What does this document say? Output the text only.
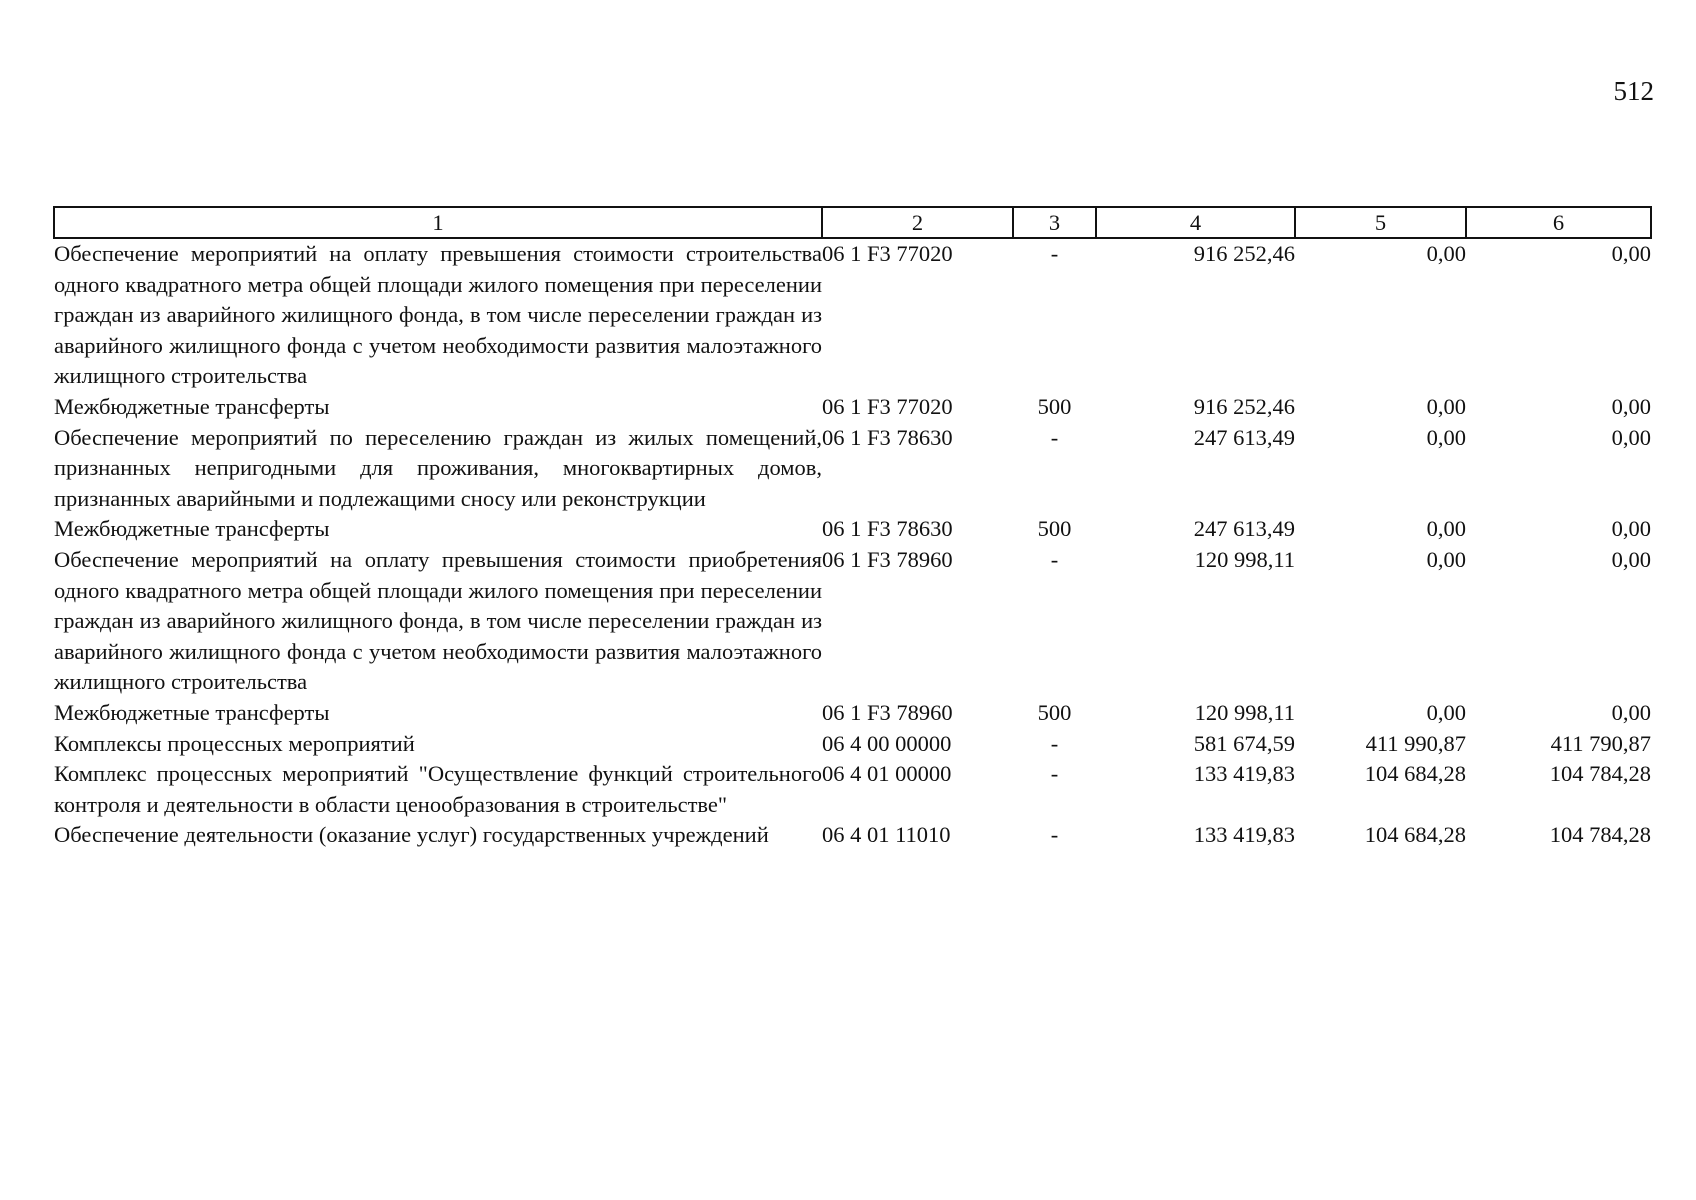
512
1	2	3	4	5	6
Обеспечение мероприятий на оплату превышения стоимости строительства одного квадратного метра общей площади жилого помещения при переселении граждан из аварийного жилищного фонда, в том числе переселении граждан из аварийного жилищного фонда с учетом необходимости развития малоэтажного жилищного строительства	06 1 F3 77020	-	916 252,46	0,00	0,00
Межбюджетные трансферты	06 1 F3 77020	500	916 252,46	0,00	0,00
Обеспечение мероприятий по переселению граждан из жилых помещений, признанных непригодными для проживания, многоквартирных домов, признанных аварийными и подлежащими сносу или реконструкции	06 1 F3 78630	-	247 613,49	0,00	0,00
Межбюджетные трансферты	06 1 F3 78630	500	247 613,49	0,00	0,00
Обеспечение мероприятий на оплату превышения стоимости приобретения одного квадратного метра общей площади жилого помещения при переселении граждан из аварийного жилищного фонда, в том числе переселении граждан из аварийного жилищного фонда с учетом необходимости развития малоэтажного жилищного строительства	06 1 F3 78960	-	120 998,11	0,00	0,00
Межбюджетные трансферты	06 1 F3 78960	500	120 998,11	0,00	0,00
Комплексы процессных мероприятий	06 4 00 00000	-	581 674,59	411 990,87	411 790,87
Комплекс процессных мероприятий "Осуществление функций строительного контроля и деятельности в области ценообразования в строительстве"	06 4 01 00000	-	133 419,83	104 684,28	104 784,28
Обеспечение деятельности (оказание услуг) государственных учреждений	06 4 01 11010	-	133 419,83	104 684,28	104 784,28
